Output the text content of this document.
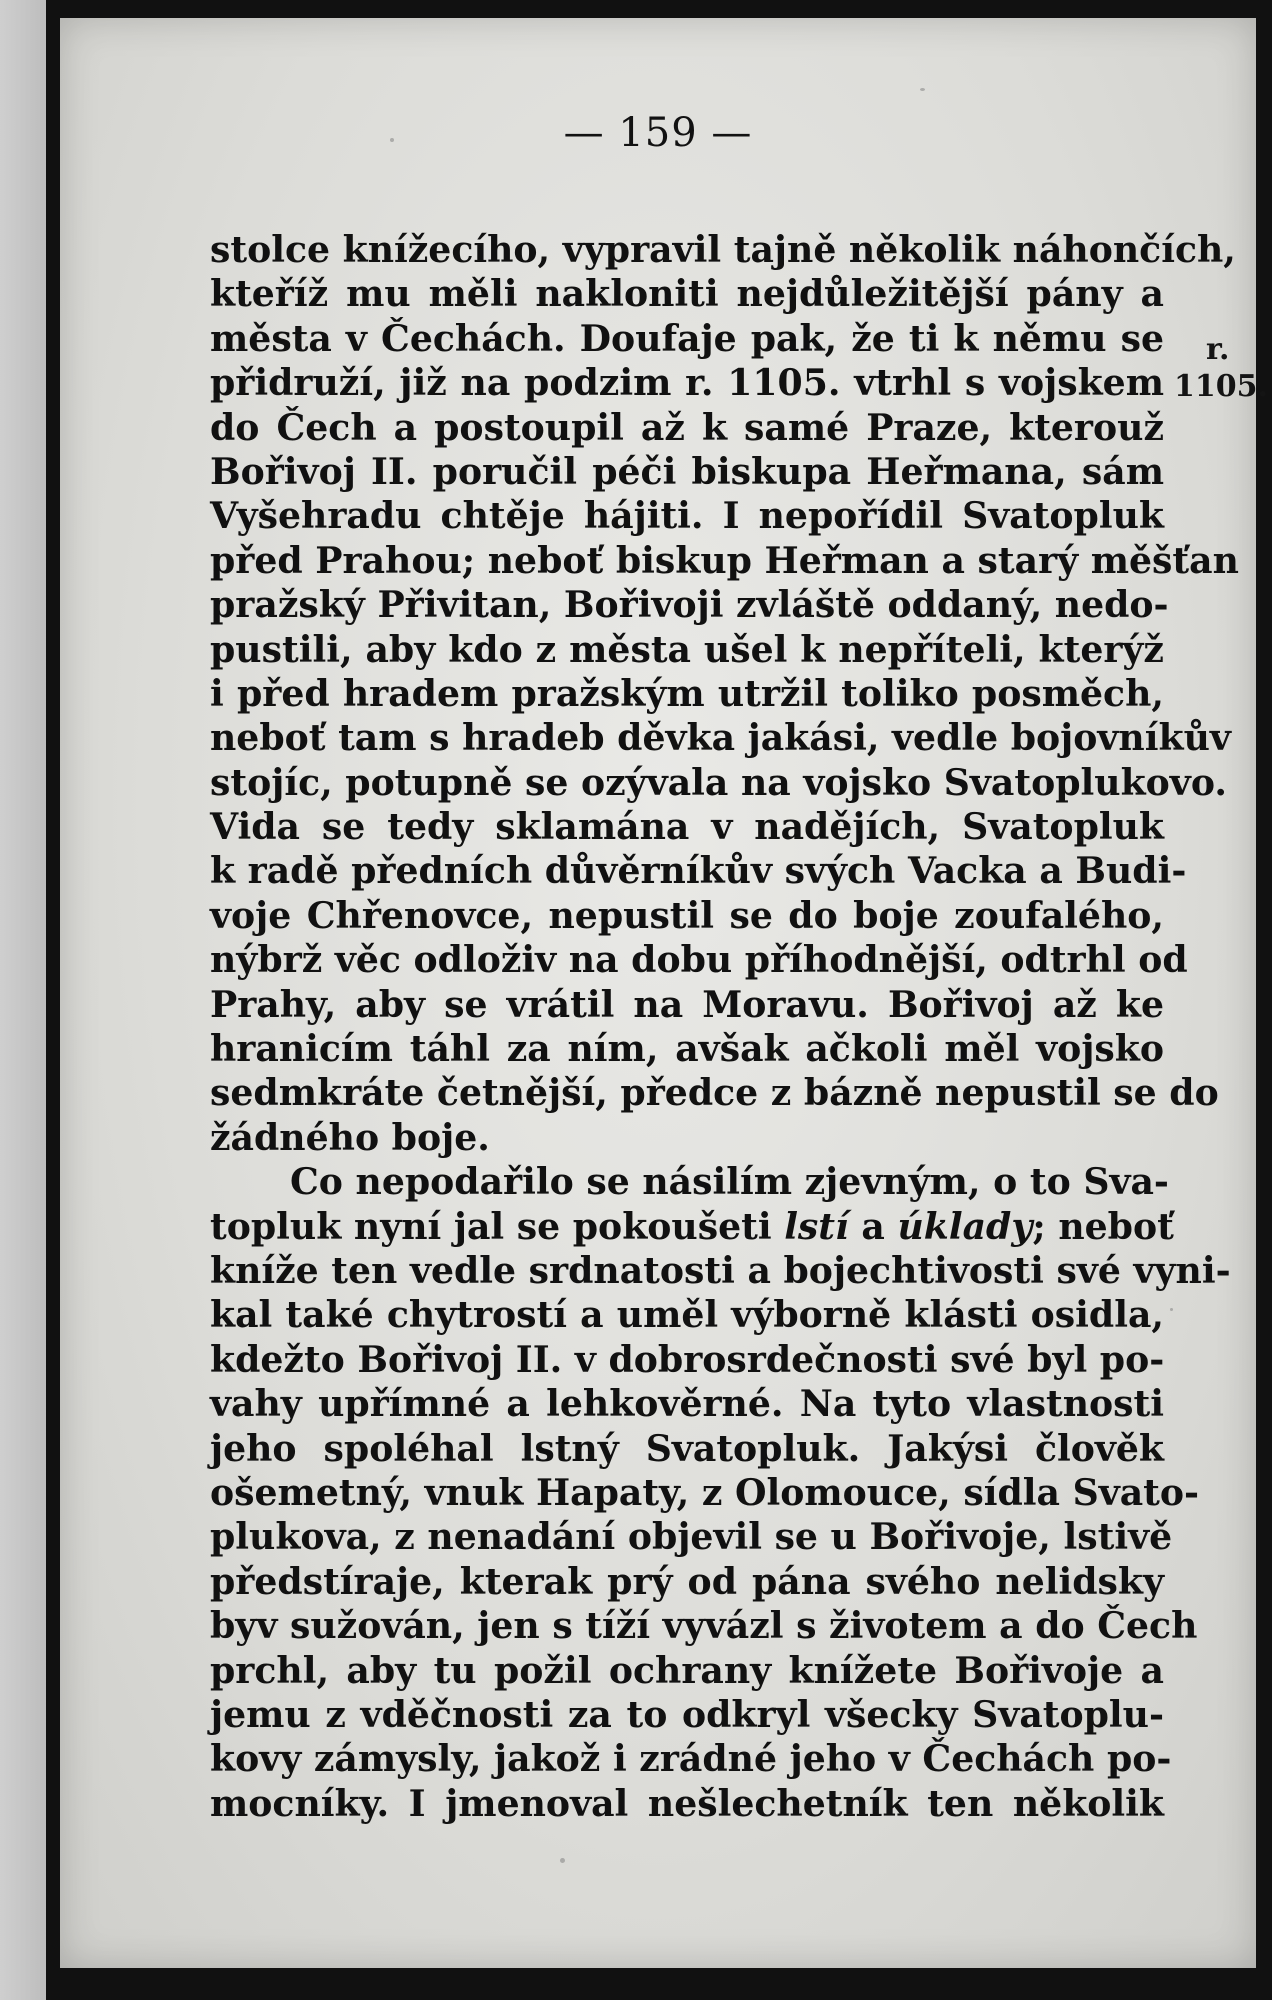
— 159 —
stolce knížecího, vypravil tajně několik náhončích,
kteříž mu měli nakloniti nejdůležitější pány a
města v Čechách. Doufaje pak, že ti k němu se
přidruží, již na podzim r. 1105. vtrhl s vojskem
do Čech a postoupil až k samé Praze, kterouž
Bořivoj II. poručil péči biskupa Heřmana, sám
Vyšehradu chtěje hájiti. I nepořídil Svatopluk
před Prahou; neboť biskup Heřman a starý měšťan
pražský Přivitan, Bořivoji zvláště oddaný, nedo-
pustili, aby kdo z města ušel k nepříteli, kterýž
i před hradem pražským utržil toliko posměch,
neboť tam s hradeb děvka jakási, vedle bojovníkův
stojíc, potupně se ozývala na vojsko Svatoplukovo.
Vida se tedy sklamána v nadějích, Svatopluk
k radě předních důvěrníkův svých Vacka a Budi-
voje Chřenovce, nepustil se do boje zoufalého,
nýbrž věc odloživ na dobu příhodnější, odtrhl od
Prahy, aby se vrátil na Moravu. Bořivoj až ke
hranicím táhl za ním, avšak ačkoli měl vojsko
sedmkráte četnější, předce z bázně nepustil se do
žádného boje.
Co nepodařilo se násilím zjevným, o to Sva-
topluk nyní jal se pokoušeti lstí a úklady; neboť
kníže ten vedle srdnatosti a bojechtivosti své vyni-
kal také chytrostí a uměl výborně klásti osidla,
kdežto Bořivoj II. v dobrosrdečnosti své byl po-
vahy upřímné a lehkověrné. Na tyto vlastnosti
jeho spoléhal lstný Svatopluk. Jakýsi člověk
ošemetný, vnuk Hapaty, z Olomouce, sídla Svato-
plukova, z nenadání objevil se u Bořivoje, lstivě
předstíraje, kterak prý od pána svého nelidsky
byv sužován, jen s tíží vyvázl s životem a do Čech
prchl, aby tu požil ochrany knížete Bořivoje a
jemu z vděčnosti za to odkryl všecky Svatoplu-
kovy zámysly, jakož i zrádné jeho v Čechách po-
mocníky. I jmenoval nešlechetník ten několik
r.
1105.
